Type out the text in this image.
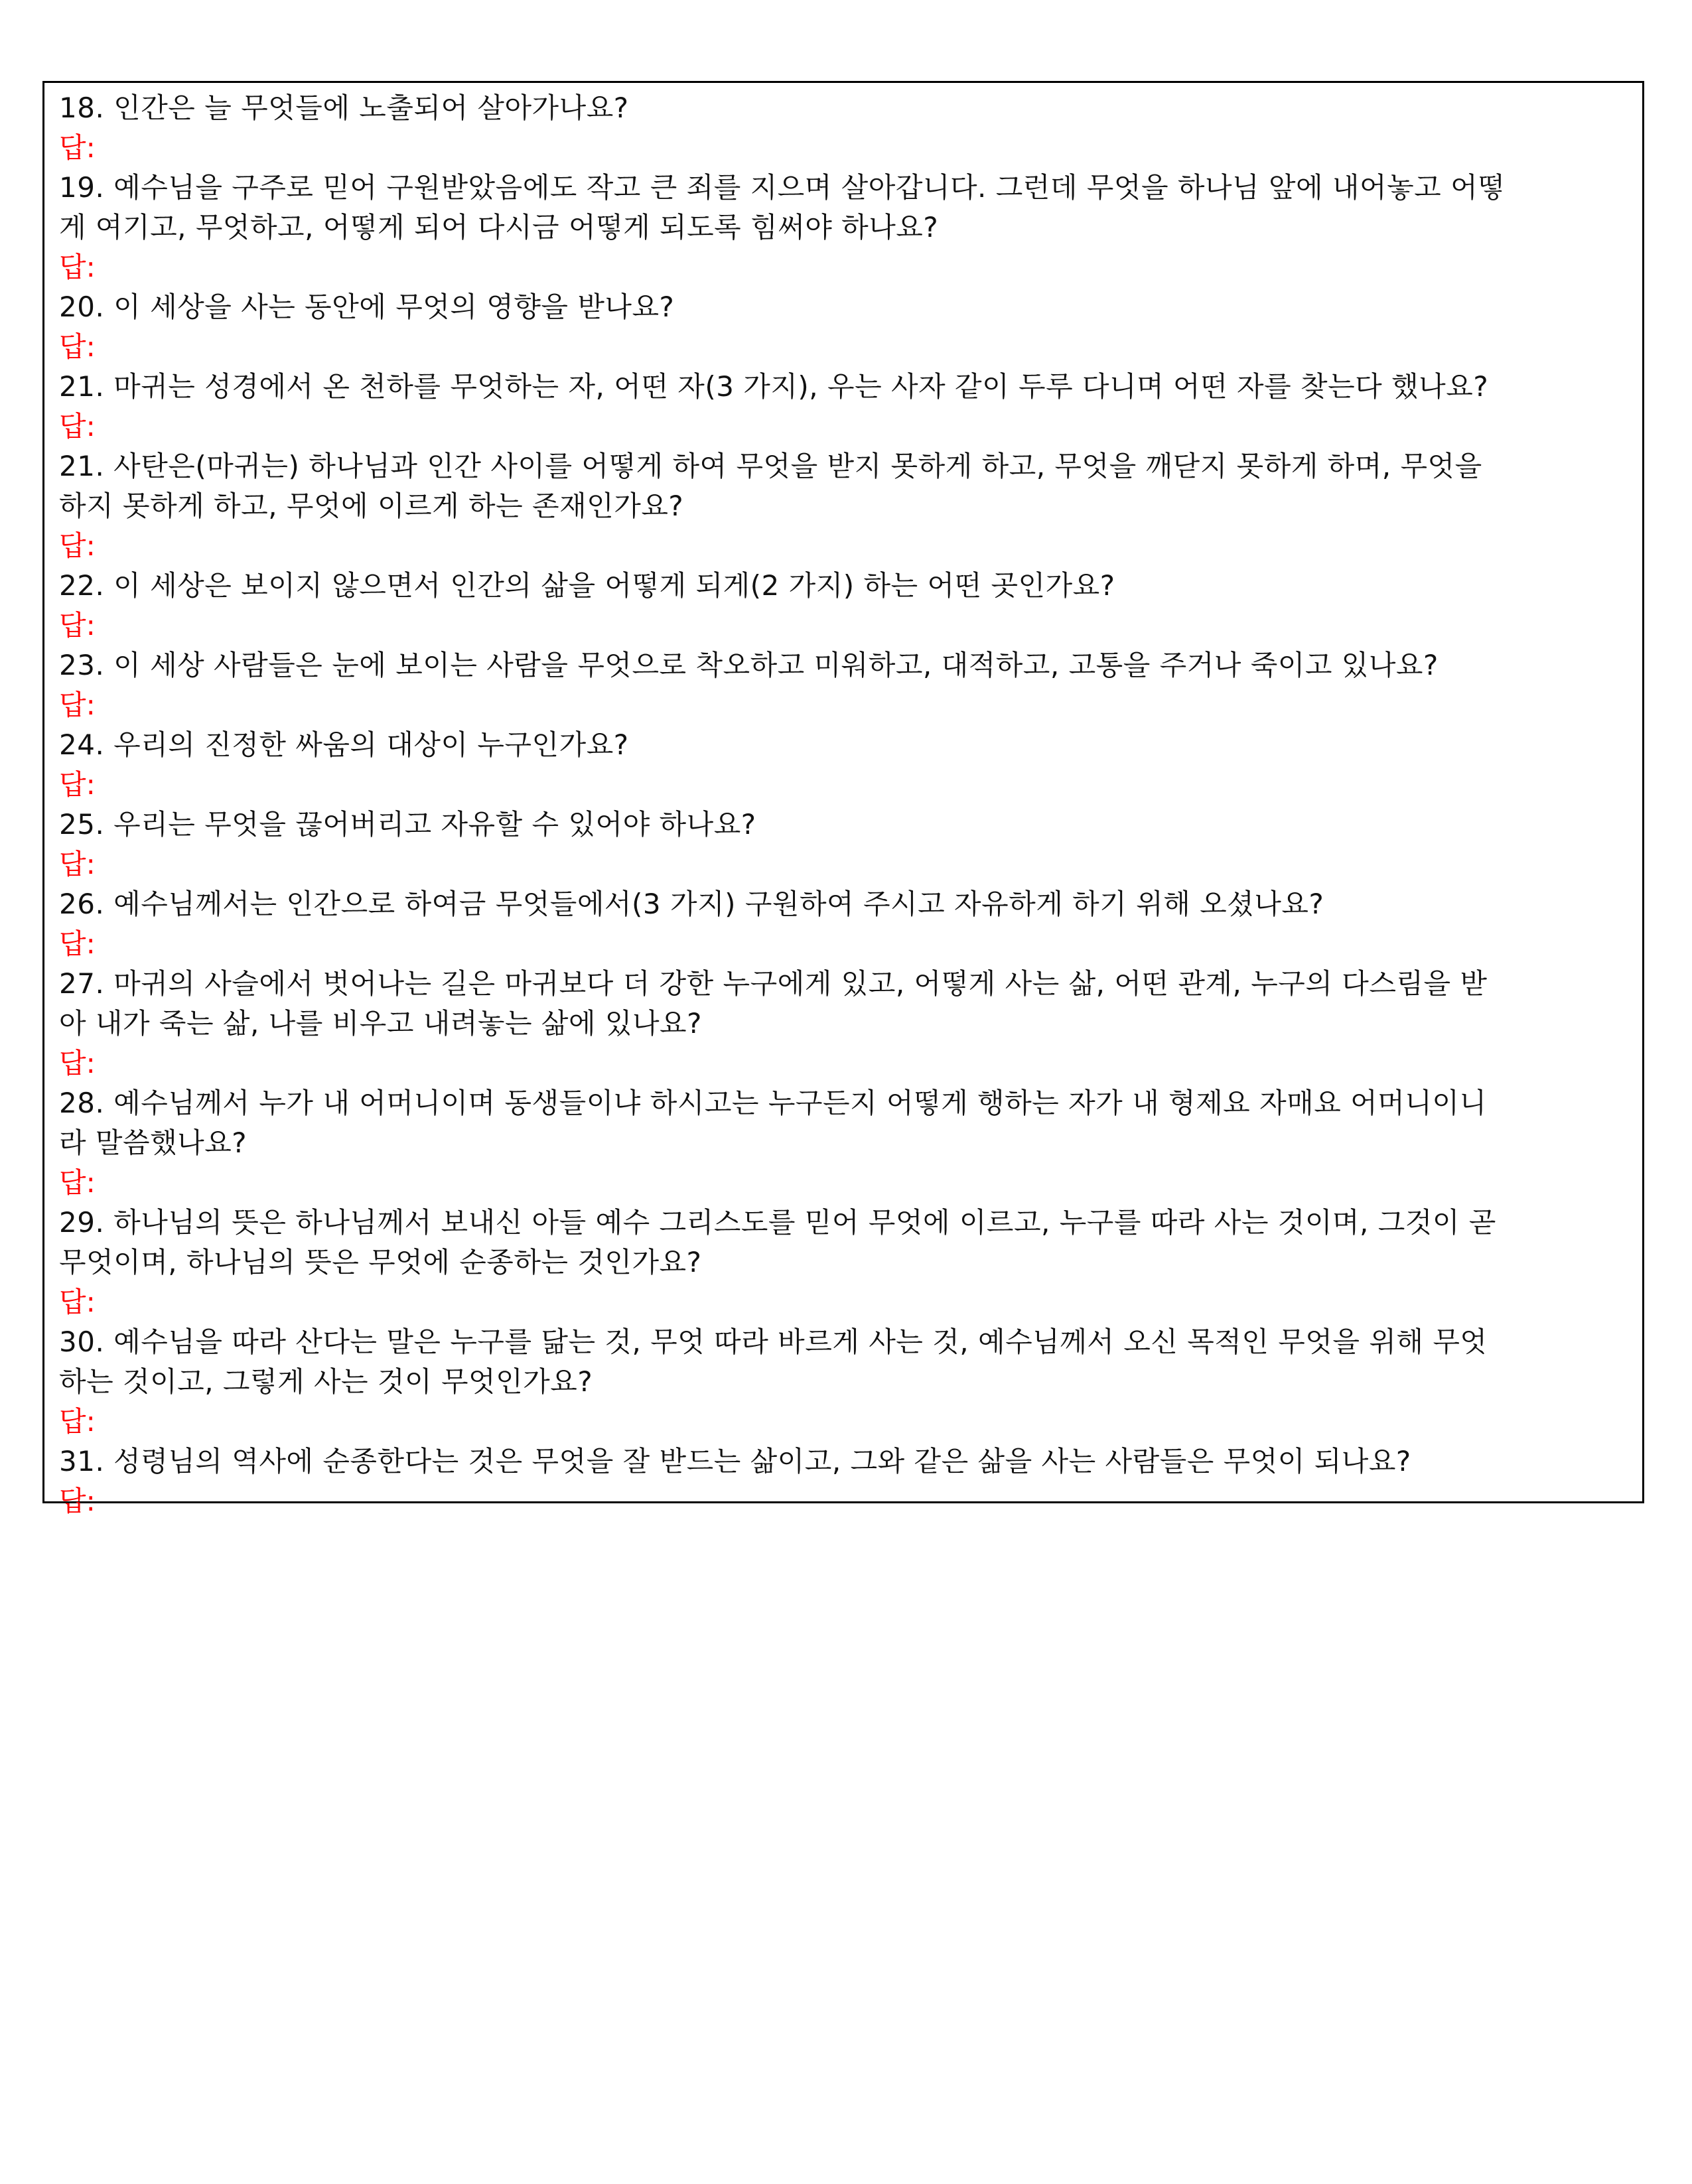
18. 인간은 늘 무엇들에 노출되어 살아가나요?
답:
19. 예수님을 구주로 믿어 구원받았음에도 작고 큰 죄를 지으며 살아갑니다. 그런데 무엇을 하나님 앞에 내어놓고 어떻
게 여기고, 무엇하고, 어떻게 되어 다시금 어떻게 되도록 힘써야 하나요?
답:
20. 이 세상을 사는 동안에 무엇의 영향을 받나요?
답:
21. 마귀는 성경에서 온 천하를 무엇하는 자, 어떤 자(3 가지), 우는 사자 같이 두루 다니며 어떤 자를 찾는다 했나요?
답:
21. 사탄은(마귀는) 하나님과 인간 사이를 어떻게 하여 무엇을 받지 못하게 하고, 무엇을 깨닫지 못하게 하며, 무엇을
하지 못하게 하고, 무엇에 이르게 하는 존재인가요?
답:
22. 이 세상은 보이지 않으면서 인간의 삶을 어떻게 되게(2 가지) 하는 어떤 곳인가요?
답:
23. 이 세상 사람들은 눈에 보이는 사람을 무엇으로 착오하고 미워하고, 대적하고, 고통을 주거나 죽이고 있나요?
답:
24. 우리의 진정한 싸움의 대상이 누구인가요?
답:
25. 우리는 무엇을 끊어버리고 자유할 수 있어야 하나요?
답:
26. 예수님께서는 인간으로 하여금 무엇들에서(3 가지) 구원하여 주시고 자유하게 하기 위해 오셨나요?
답:
27. 마귀의 사슬에서 벗어나는 길은 마귀보다 더 강한 누구에게 있고, 어떻게 사는 삶, 어떤 관계, 누구의 다스림을 받
아 내가 죽는 삶, 나를 비우고 내려놓는 삶에 있나요?
답:
28. 예수님께서 누가 내 어머니이며 동생들이냐 하시고는 누구든지 어떻게 행하는 자가 내 형제요 자매요 어머니이니
라 말씀했나요?
답:
29. 하나님의 뜻은 하나님께서 보내신 아들 예수 그리스도를 믿어 무엇에 이르고, 누구를 따라 사는 것이며, 그것이 곧
무엇이며, 하나님의 뜻은 무엇에 순종하는 것인가요?
답:
30. 예수님을 따라 산다는 말은 누구를 닮는 것, 무엇 따라 바르게 사는 것, 예수님께서 오신 목적인 무엇을 위해 무엇
하는 것이고, 그렇게 사는 것이 무엇인가요?
답:
31. 성령님의 역사에 순종한다는 것은 무엇을 잘 받드는 삶이고, 그와 같은 삶을 사는 사람들은 무엇이 되나요?
답:
